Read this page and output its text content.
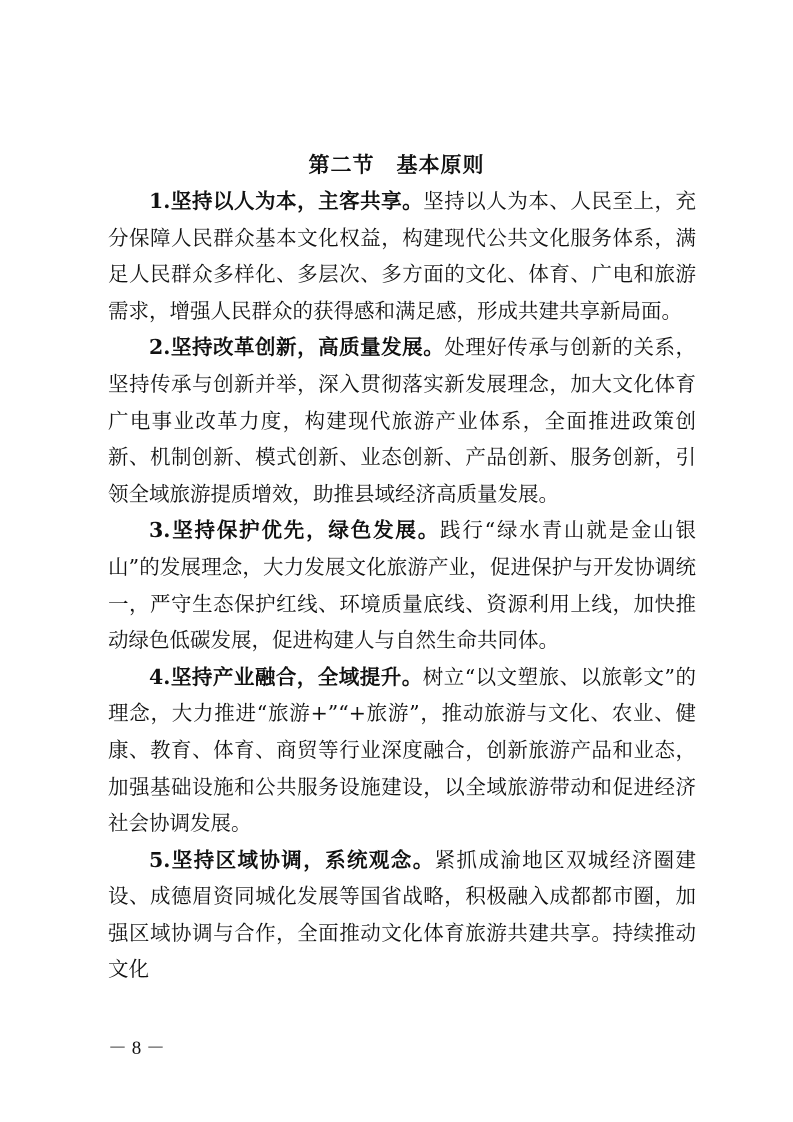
第二节　基本原则

1.坚持以人为本，主客共享。坚持以人为本、人民至上，充分保障人民群众基本文化权益，构建现代公共文化服务体系，满足人民群众多样化、多层次、多方面的文化、体育、广电和旅游需求，增强人民群众的获得感和满足感，形成共建共享新局面。

2.坚持改革创新，高质量发展。处理好传承与创新的关系，坚持传承与创新并举，深入贯彻落实新发展理念，加大文化体育广电事业改革力度，构建现代旅游产业体系，全面推进政策创新、机制创新、模式创新、业态创新、产品创新、服务创新，引领全域旅游提质增效，助推县域经济高质量发展。

3.坚持保护优先，绿色发展。践行“绿水青山就是金山银山”的发展理念，大力发展文化旅游产业，促进保护与开发协调统一，严守生态保护红线、环境质量底线、资源利用上线，加快推动绿色低碳发展，促进构建人与自然生命共同体。

4.坚持产业融合，全域提升。树立“以文塑旅、以旅彰文”的理念，大力推进“旅游+”“+旅游”，推动旅游与文化、农业、健康、教育、体育、商贸等行业深度融合，创新旅游产品和业态，加强基础设施和公共服务设施建设，以全域旅游带动和促进经济社会协调发展。

5.坚持区域协调，系统观念。紧抓成渝地区双城经济圈建设、成德眉资同城化发展等国省战略，积极融入成都都市圈，加强区域协调与合作，全面推动文化体育旅游共建共享。持续推动文化

－ 8 －
